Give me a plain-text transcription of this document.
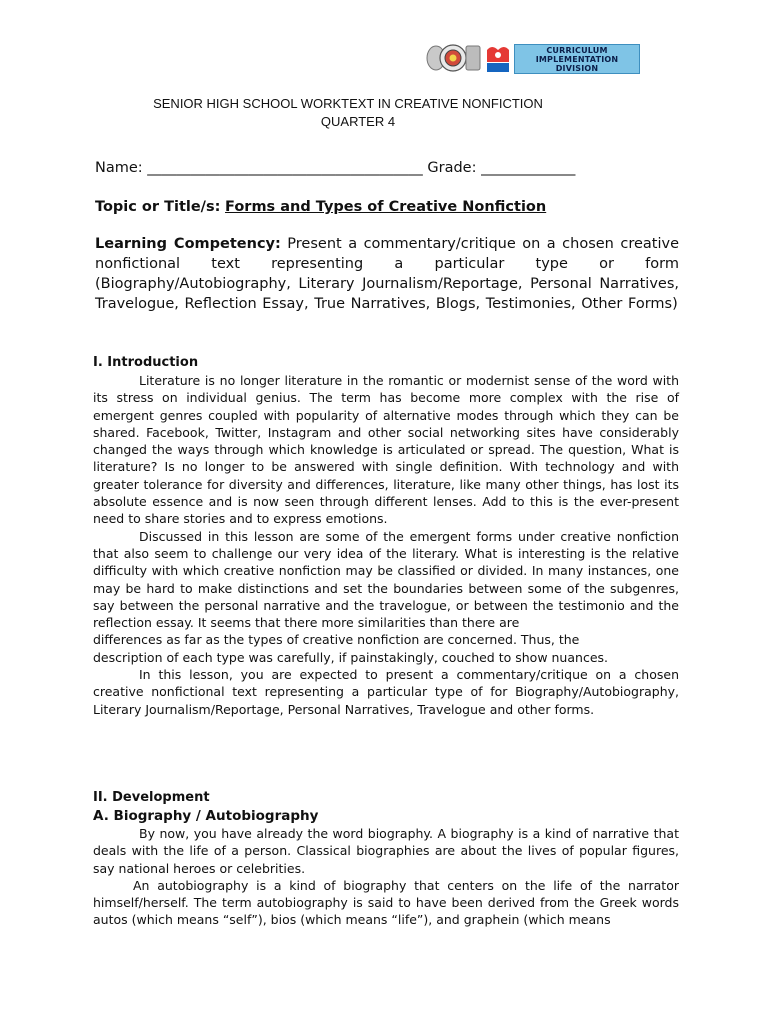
CURRICULUM
IMPLEMENTATION
DIVISION
SENIOR HIGH SCHOOL WORKTEXT IN CREATIVE NONFICTION
QUARTER 4
Name: ______________________________________ Grade: _____________
Topic or Title/s: Forms and Types of Creative Nonfiction
Learning Competency: Present a commentary/critique on a chosen creative nonfictional text representing a particular type or form (Biography/Autobiography, Literary Journalism/Reportage, Personal Narratives, Travelogue, Reflection Essay, True Narratives, Blogs, Testimonies, Other Forms)
I. Introduction

Literature is no longer literature in the romantic or modernist sense of the word with its stress on individual genius. The term has become more complex with the rise of emergent genres coupled with popularity of alternative modes through which they can be shared. Facebook, Twitter, Instagram and other social networking sites have considerably changed the ways through which knowledge is articulated or spread. The question, What is literature? Is no longer to be answered with single definition. With technology and with greater tolerance for diversity and differences, literature, like many other things, has lost its absolute essence and is now seen through different lenses. Add to this is the ever-present need to share stories and to express emotions.

Discussed in this lesson are some of the emergent forms under creative nonfiction that also seem to challenge our very idea of the literary. What is interesting is the relative difficulty with which creative nonfiction may be classified or divided. In many instances, one may be hard to make distinctions and set the boundaries between some of the subgenres, say between the personal narrative and the travelogue, or between the testimonio and the reflection essay. It seems that there more similarities than there are

differences as far as the types of creative nonfiction are concerned. Thus, the

description of each type was carefully, if painstakingly, couched to show nuances.

In this lesson, you are expected to present a commentary/critique on a chosen creative nonfictional text representing a particular type of for Biography/Autobiography, Literary Journalism/Reportage, Personal Narratives, Travelogue and other forms.

II. Development
A. Biography / Autobiography

By now, you have already the word biography. A biography is a kind of narrative that deals with the life of a person. Classical biographies are about the lives of popular figures, say national heroes or celebrities.

An autobiography is a kind of biography that centers on the life of the narrator himself/herself. The term autobiography is said to have been derived from the Greek words autos (which means “self”), bios (which means “life”), and graphein (which means
